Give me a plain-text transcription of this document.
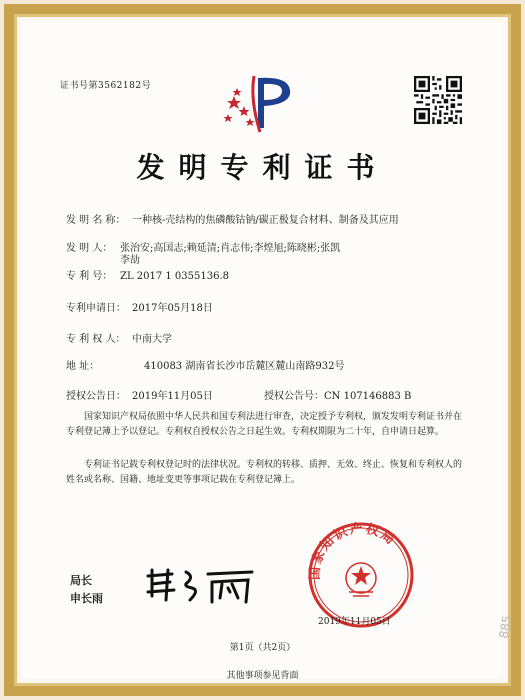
证书号第3562182号
发明专利证书
发 明 名 称： 一种核-壳结构的焦磷酸钴钠/碳正极复合材料、制备及其应用
发 明 人： 张治安;高国志;赖延清;肖志伟;李煌旭;陈晓彬;张凯
李劼
专 利 号： ZL 2017 1 0355136.8
专利申请日： 2017年05月18日
专 利 权 人： 中南大学
地 址：	410083 湖南省长沙市岳麓区麓山南路932号
授权公告日： 2019年11月05日	授权公告号：CN 107146883 B
国家知识产权局依照中华人民共和国专利法进行审查，决定授予专利权，颁发发明专利证书并在专利登记簿上予以登记。专利权自授权公告之日起生效。专利权期限为二十年，自申请日起算。
专利证书记载专利权登记时的法律状况。专利权的转移、质押、无效、终止、恢复和专利权人的姓名或名称、国籍、地址变更等事项记载在专利登记簿上。
局长
申长雨
国家知识产权局
2019年11月05日
第1页（共2页）
其他事项参见背面
885
